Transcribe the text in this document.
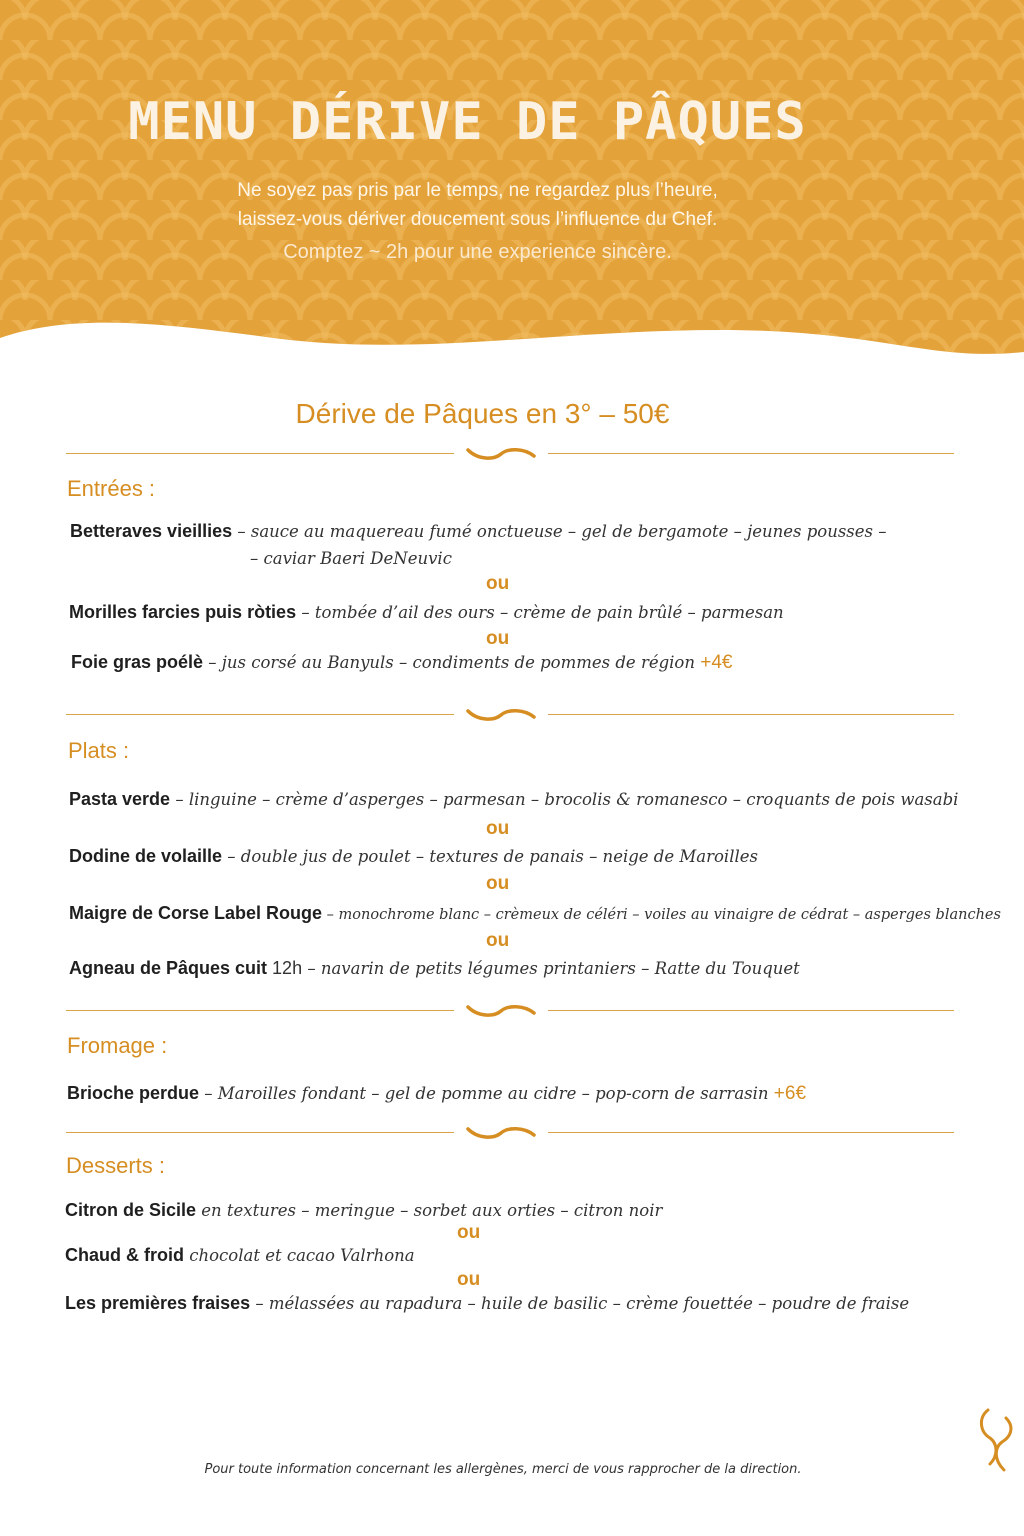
MENU DÉRIVE DE PÂQUES
Ne soyez pas pris par le temps, ne regardez plus l’heure,
laissez-vous dériver doucement sous l’influence du Chef.
Comptez ~ 2h pour une experience sincère.
Dérive de Pâques en 3° – 50€
Entrées :
Betteraves vieillies – sauce au maquereau fumé onctueuse – gel de bergamote – jeunes pousses –
– caviar Baeri DeNeuvic
ou
Morilles farcies puis ròties – tombée d’ail des ours – crème de pain brûlé – parmesan
ou
Foie gras poélè – jus corsé au Banyuls – condiments de pommes de région +4€
Plats :
Pasta verde – linguine – crème d’asperges – parmesan – brocolis & romanesco – croquants de pois wasabi
ou
Dodine de volaille – double jus de poulet – textures de panais – neige de Maroilles
ou
Maigre de Corse Label Rouge – monochrome blanc – crèmeux de céléri – voiles au vinaigre de cédrat – asperges blanches
ou
Agneau de Pâques cuit 12h – navarin de petits légumes printaniers – Ratte du Touquet
Fromage :
Brioche perdue – Maroilles fondant – gel de pomme au cidre – pop-corn de sarrasin +6€
Desserts :
Citron de Sicile en textures – meringue – sorbet aux orties – citron noir
ou
Chaud & froid chocolat et cacao Valrhona
ou
Les premières fraises – mélassées au rapadura – huile de basilic – crème fouettée – poudre de fraise
Pour toute information concernant les allergènes, merci de vous rapprocher de la direction.
